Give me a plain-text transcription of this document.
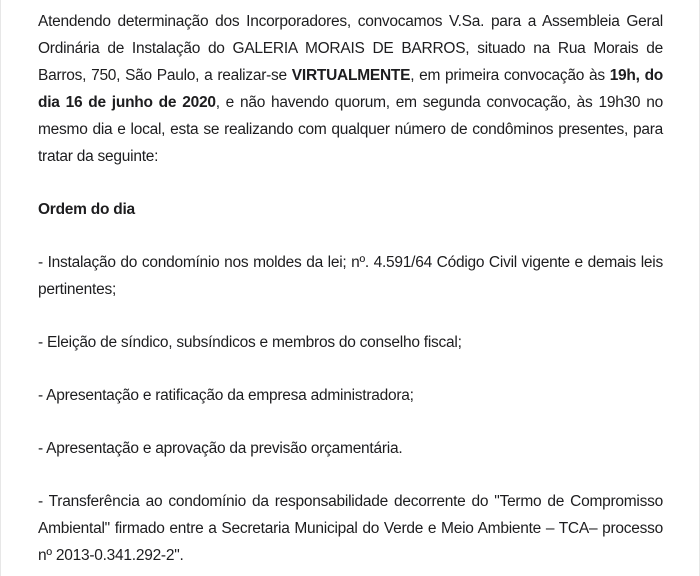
Atendendo determinação dos Incorporadores, convocamos V.Sa. para a Assembleia Geral Ordinária de Instalação do GALERIA MORAIS DE BARROS, situado na Rua Morais de Barros, 750, São Paulo, a realizar-se VIRTUALMENTE, em primeira convocação às 19h, do dia 16 de junho de 2020, e não havendo quorum, em segunda convocação, às 19h30 no mesmo dia e local, esta se realizando com qualquer número de condôminos presentes, para tratar da seguinte:

Ordem do dia

- Instalação do condomínio nos moldes da lei; nº. 4.591/64 Código Civil vigente e demais leis pertinentes;

- Eleição de síndico, subsíndicos e membros do conselho fiscal;

- Apresentação e ratificação da empresa administradora;

- Apresentação e aprovação da previsão orçamentária.

- Transferência ao condomínio da responsabilidade decorrente do "Termo de Compromisso Ambiental" firmado entre a Secretaria Municipal do Verde e Meio Ambiente – TCA– processo nº 2013-0.341.292-2".
